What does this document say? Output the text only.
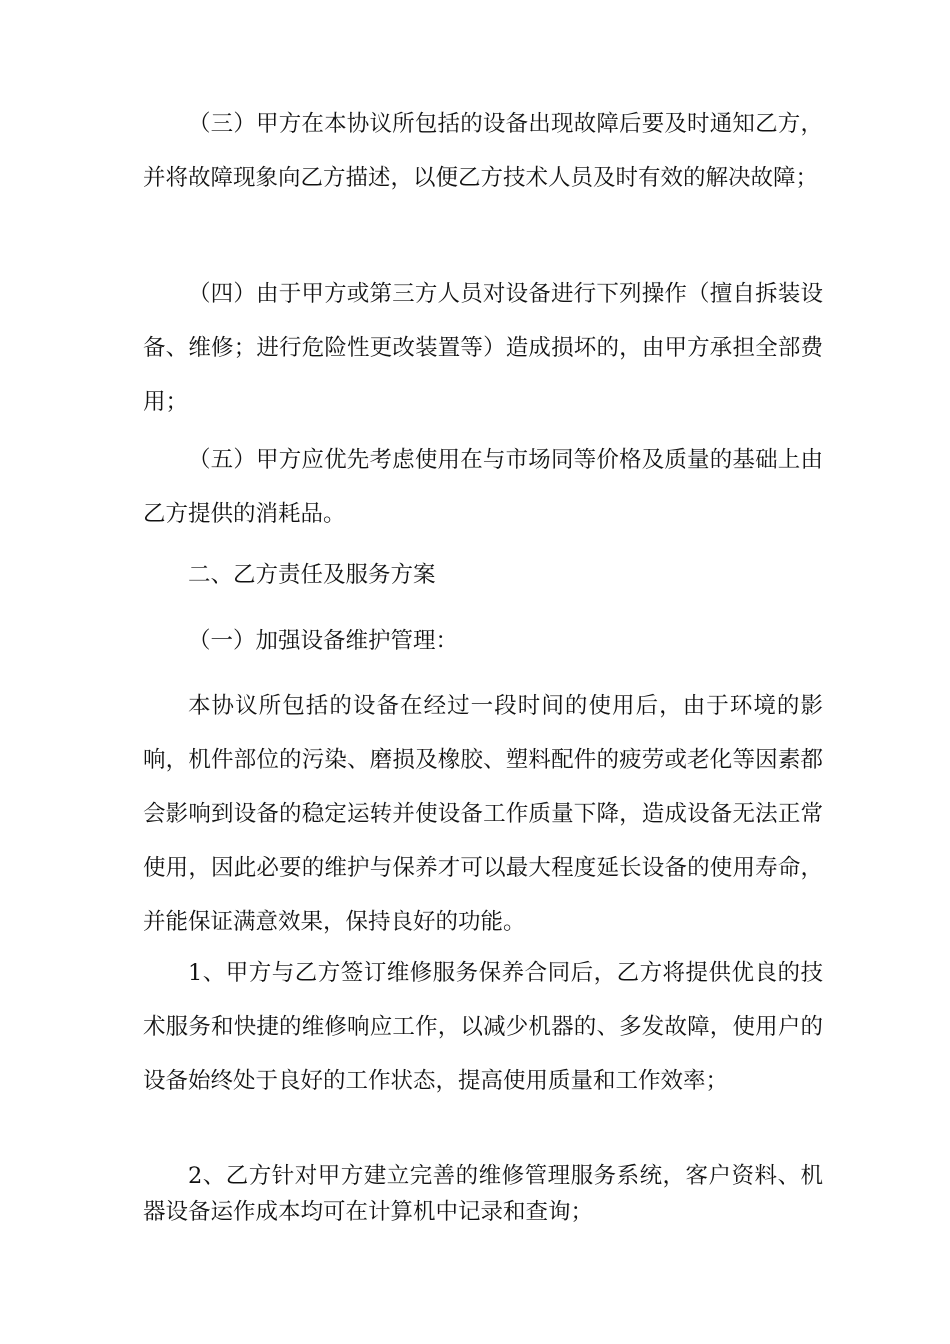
（三）甲方在本协议所包括的设备出现故障后要及时通知乙方，并将故障现象向乙方描述，以便乙方技术人员及时有效的解决故障；

（四）由于甲方或第三方人员对设备进行下列操作（擅自拆装设备、维修；进行危险性更改装置等）造成损坏的，由甲方承担全部费用；

（五）甲方应优先考虑使用在与市场同等价格及质量的基础上由乙方提供的消耗品。

二、乙方责任及服务方案

（一）加强设备维护管理：

本协议所包括的设备在经过一段时间的使用后，由于环境的影响，机件部位的污染、磨损及橡胶、塑料配件的疲劳或老化等因素都会影响到设备的稳定运转并使设备工作质量下降，造成设备无法正常使用，因此必要的维护与保养才可以最大程度延长设备的使用寿命，并能保证满意效果，保持良好的功能。

1、甲方与乙方签订维修服务保养合同后，乙方将提供优良的技术服务和快捷的维修响应工作，以减少机器的、多发故障，使用户的设备始终处于良好的工作状态，提高使用质量和工作效率；

2、乙方针对甲方建立完善的维修管理服务系统，客户资料、机器设备运作成本均可在计算机中记录和查询；
